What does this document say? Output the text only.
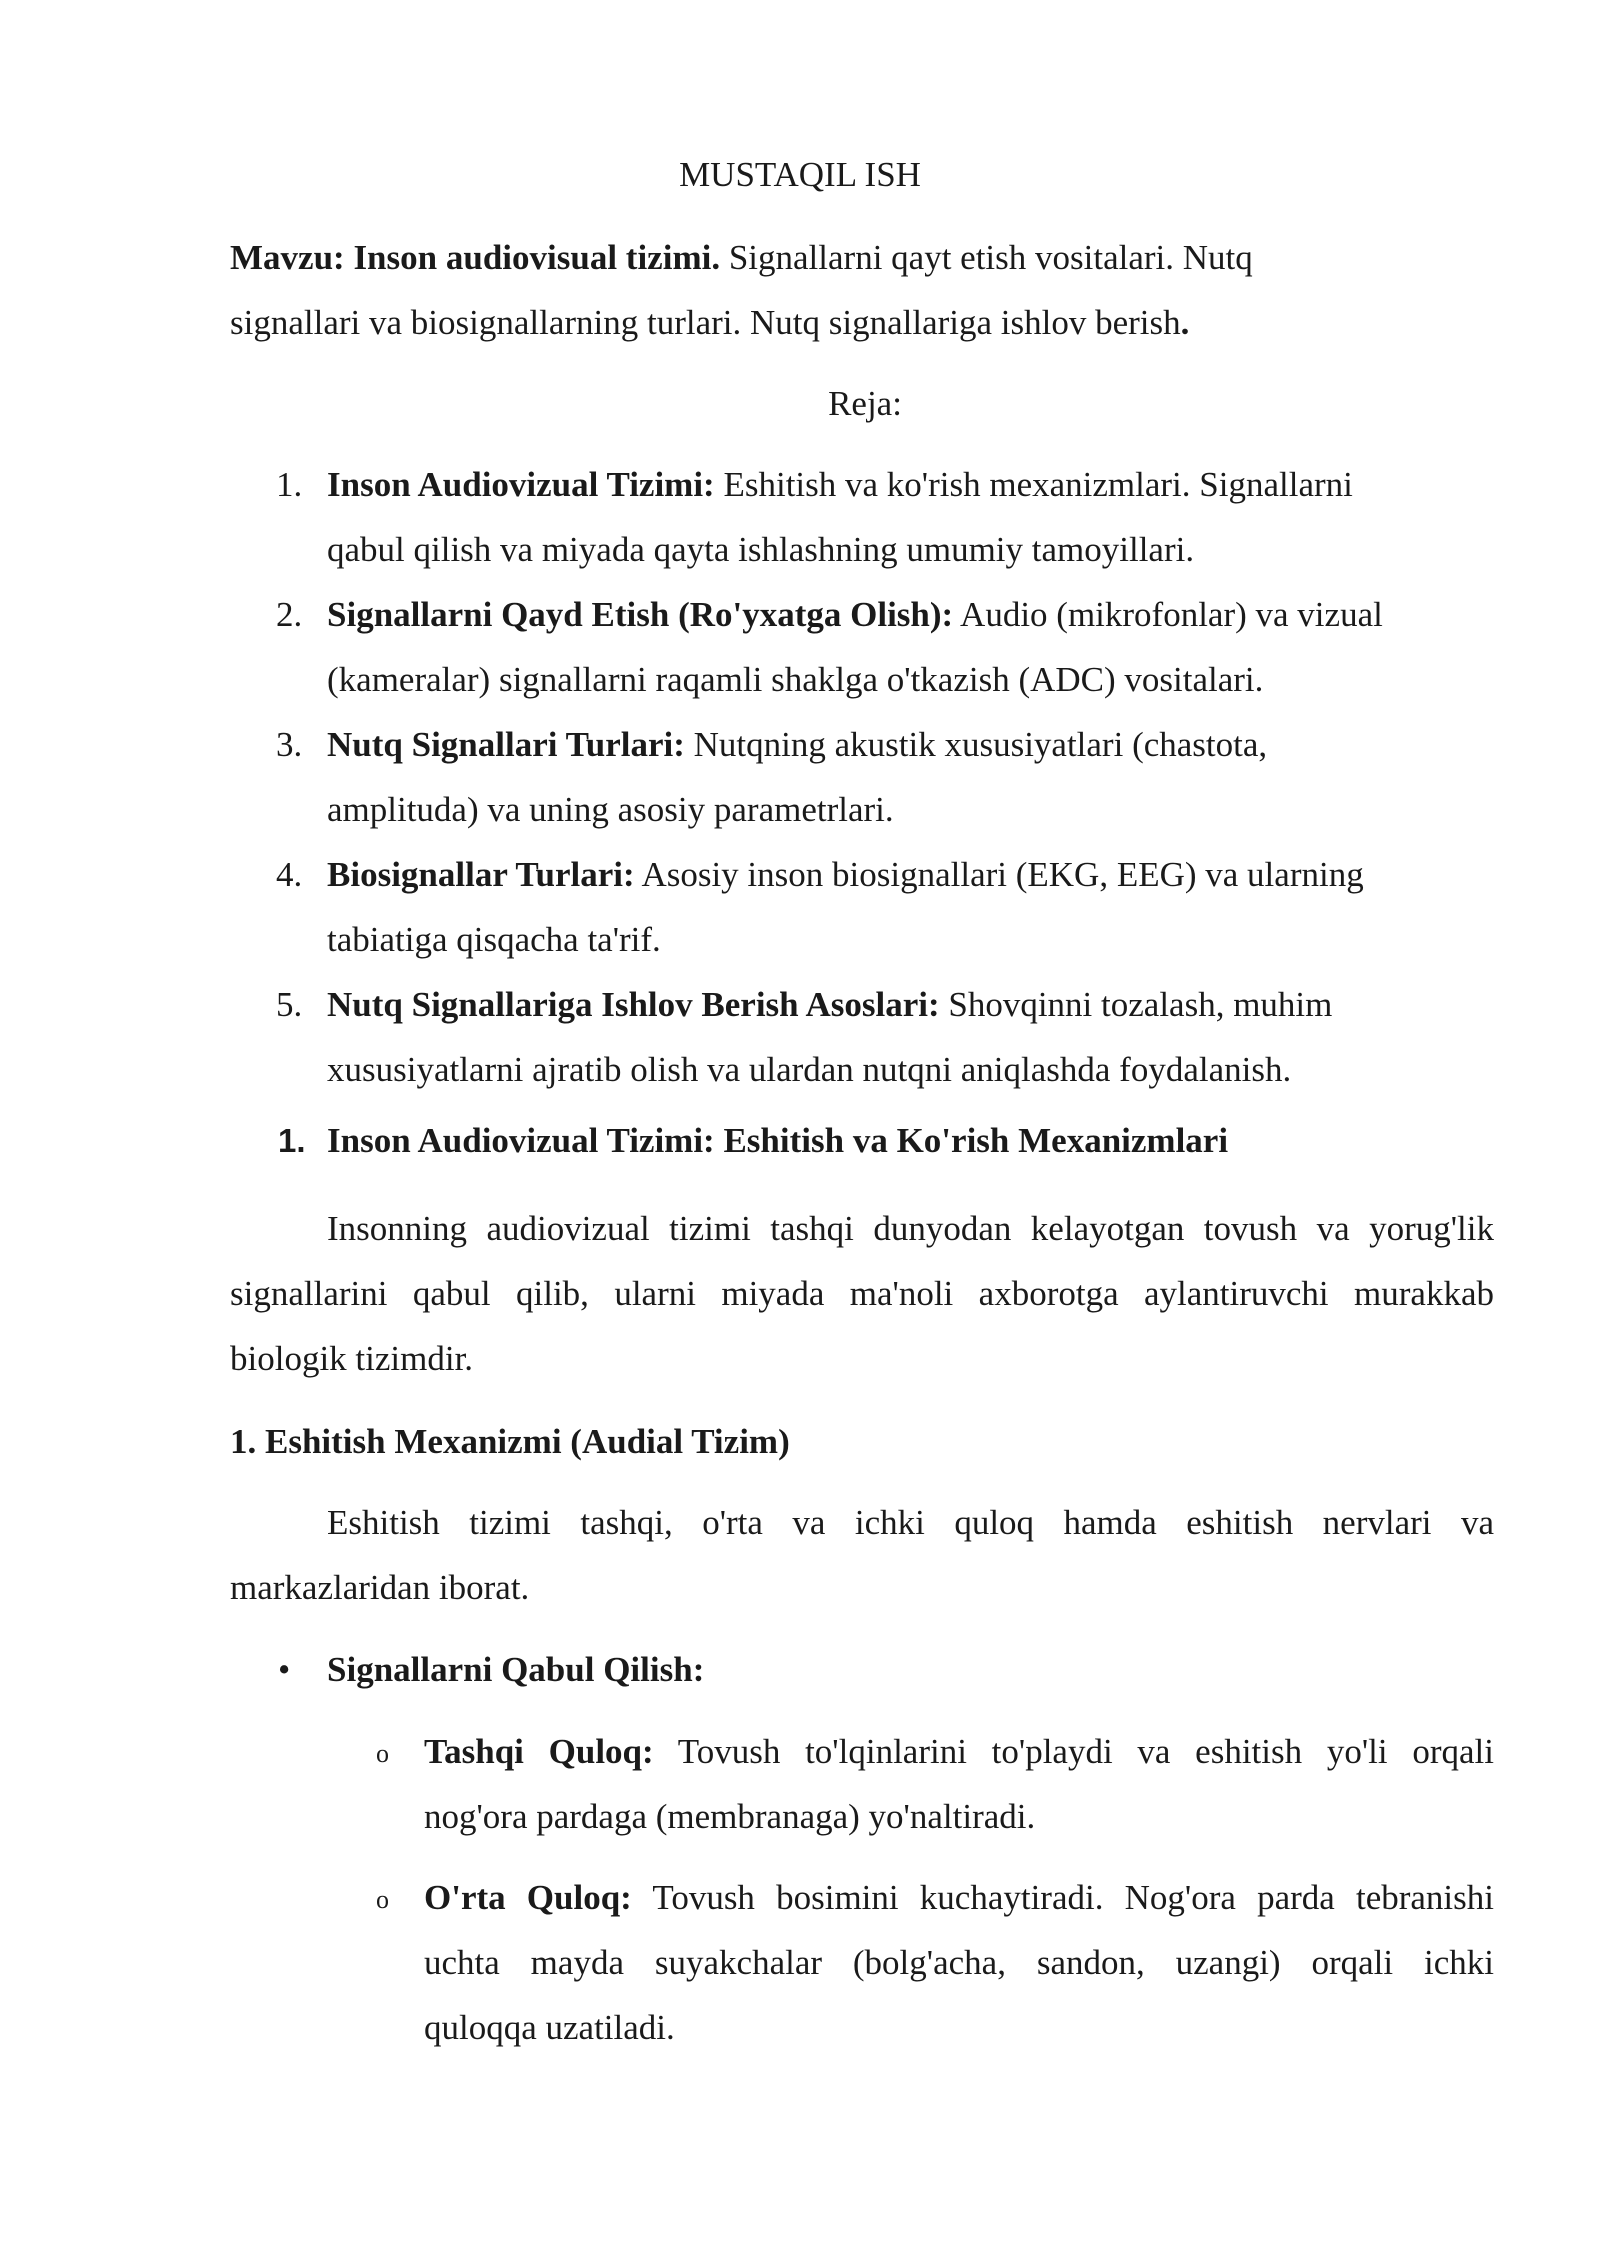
MUSTAQIL ISH
Mavzu: Inson audiovisual tizimi. Signallarni qayt etish vositalari. Nutq
signallari va biosignallarning turlari. Nutq signallariga ishlov berish.
Reja:
1. Inson Audiovizual Tizimi: Eshitish va ko'rish mexanizmlari. Signallarni
qabul qilish va miyada qayta ishlashning umumiy tamoyillari.
2. Signallarni Qayd Etish (Ro'yxatga Olish): Audio (mikrofonlar) va vizual
(kameralar) signallarni raqamli shaklga o'tkazish (ADC) vositalari.
3. Nutq Signallari Turlari: Nutqning akustik xususiyatlari (chastota,
amplituda) va uning asosiy parametrlari.
4. Biosignallar Turlari: Asosiy inson biosignallari (EKG, EEG) va ularning
tabiatiga qisqacha ta'rif.
5. Nutq Signallariga Ishlov Berish Asoslari: Shovqinni tozalash, muhim
xususiyatlarni ajratib olish va ulardan nutqni aniqlashda foydalanish.
1. Inson Audiovizual Tizimi: Eshitish va Ko'rish Mexanizmlari
Insonning audiovizual tizimi tashqi dunyodan kelayotgan tovush va yorug'lik
signallarini qabul qilib, ularni miyada ma'noli axborotga aylantiruvchi murakkab
biologik tizimdir.
1. Eshitish Mexanizmi (Audial Tizim)
Eshitish tizimi tashqi, o'rta va ichki quloq hamda eshitish nervlari va
markazlaridan iborat.
• Signallarni Qabul Qilish:
o Tashqi Quloq: Tovush to'lqinlarini to'playdi va eshitish yo'li orqali
nog'ora pardaga (membranaga) yo'naltiradi.
o O'rta Quloq: Tovush bosimini kuchaytiradi. Nog'ora parda tebranishi
uchta mayda suyakchalar (bolg'acha, sandon, uzangi) orqali ichki
quloqqa uzatiladi.
